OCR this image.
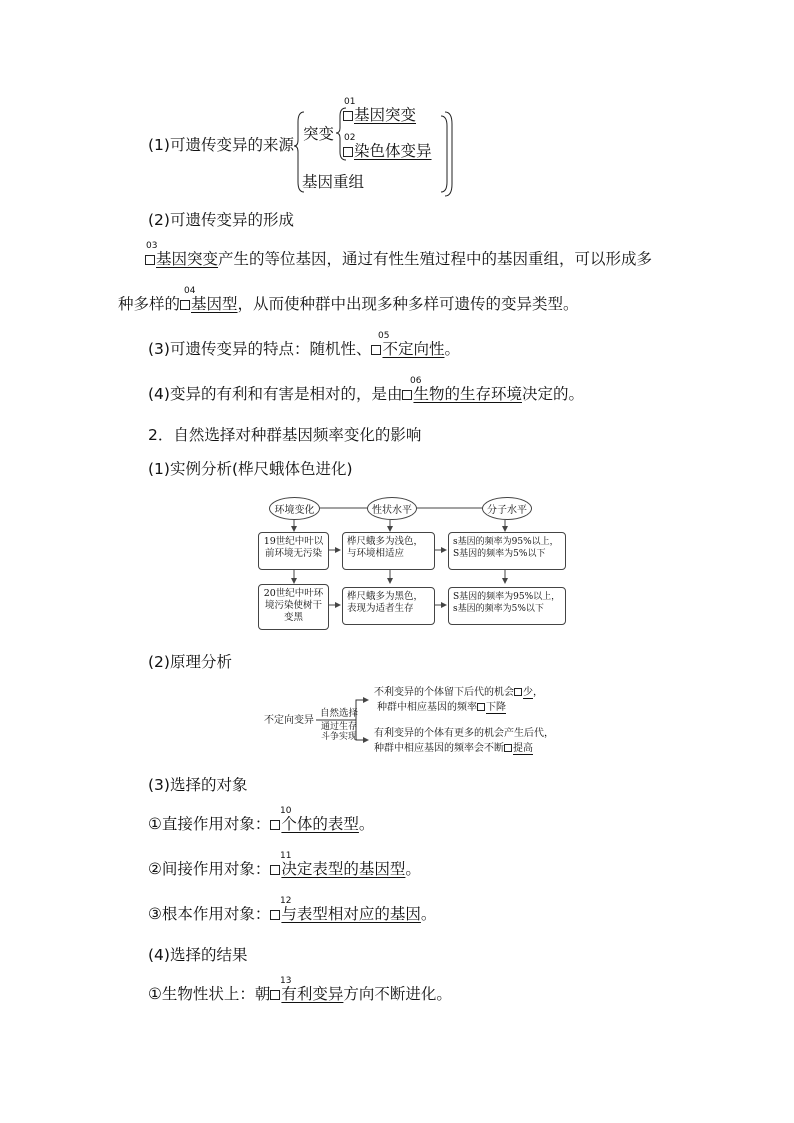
(1)可遗传变异的来源
突变
01
基因突变
02
染色体变异
基因重组
(2)可遗传变异的形成
03
基因突变产生的等位基因，通过有性生殖过程中的基因重组，可以形成多
04
种多样的 基因型，从而使种群中出现多种多样可遗传的变异类型。
05
(3)可遗传变异的特点：随机性、 不定向性。
06
(4)变异的有利和有害是相对的，是由 生物的生存环境决定的。
2．自然选择对种群基因频率变化的影响
(1)实例分析(桦尺蛾体色进化)
环境变化	性状水平	分子水平
19世纪中叶以前环境无污染
桦尺蛾多为浅色，与环境相适应
s基因的频率为95%以上，S基因的频率为5%以下
20世纪中叶环境污染使树干变黑
桦尺蛾多为黑色，表现为适者生存
S基因的频率为95%以上，s基因的频率为5%以下
(2)原理分析
不定向变异
自然选择
通过生存
斗争实现
不利变异的个体留下后代的机会 少，
种群中相应基因的频率 下降
有利变异的个体有更多的机会产生后代，
种群中相应基因的频率会不断 提高
(3)选择的对象
10
①直接作用对象： 个体的表型。
11
②间接作用对象： 决定表型的基因型。
12
③根本作用对象： 与表型相对应的基因。
(4)选择的结果
13
①生物性状上：朝 有利变异方向不断进化。
